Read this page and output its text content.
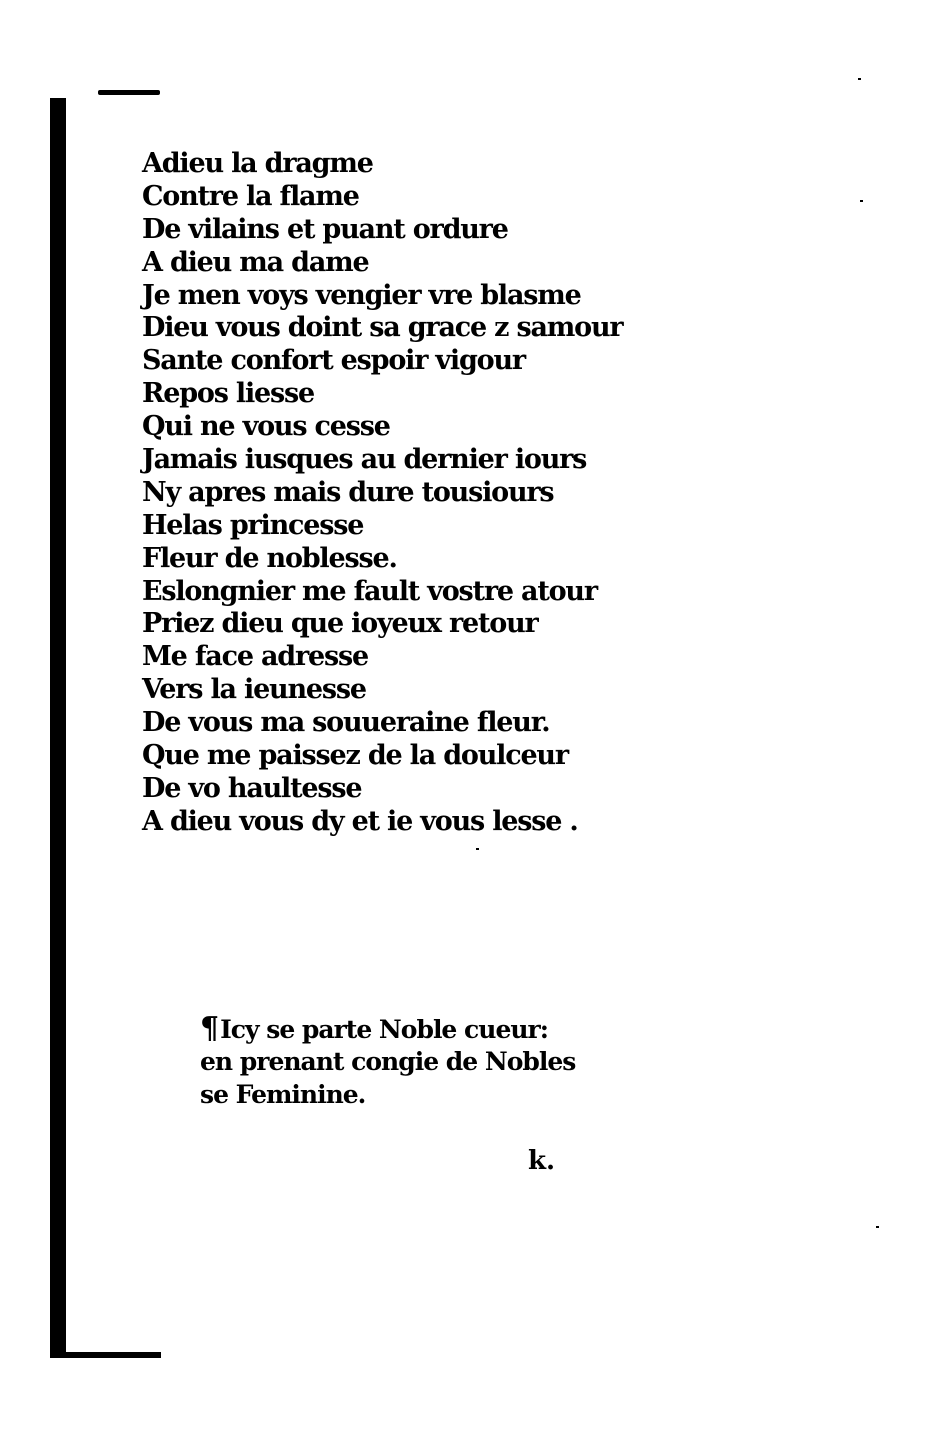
Adieu la dragme
Contre la flame
De vilains et puant ordure
A dieu ma dame
Je men voys vengier vre blasme
Dieu vous doint sa grace z samour
Sante confort espoir vigour
Repos liesse
Qui ne vous cesse
Jamais iusques au dernier iours
Ny apres mais dure tousiours
Helas princesse
Fleur de noblesse.
Eslongnier me fault vostre atour
Priez dieu que ioyeux retour
Me face adresse
Vers la ieunesse
De vous ma souueraine fleur.
Que me paissez de la doulceur
De vo haultesse
A dieu vous dy et ie vous lesse .
¶Icy se parte Noble cueur:
en prenant congie de Nobles
se Feminine.
k.
